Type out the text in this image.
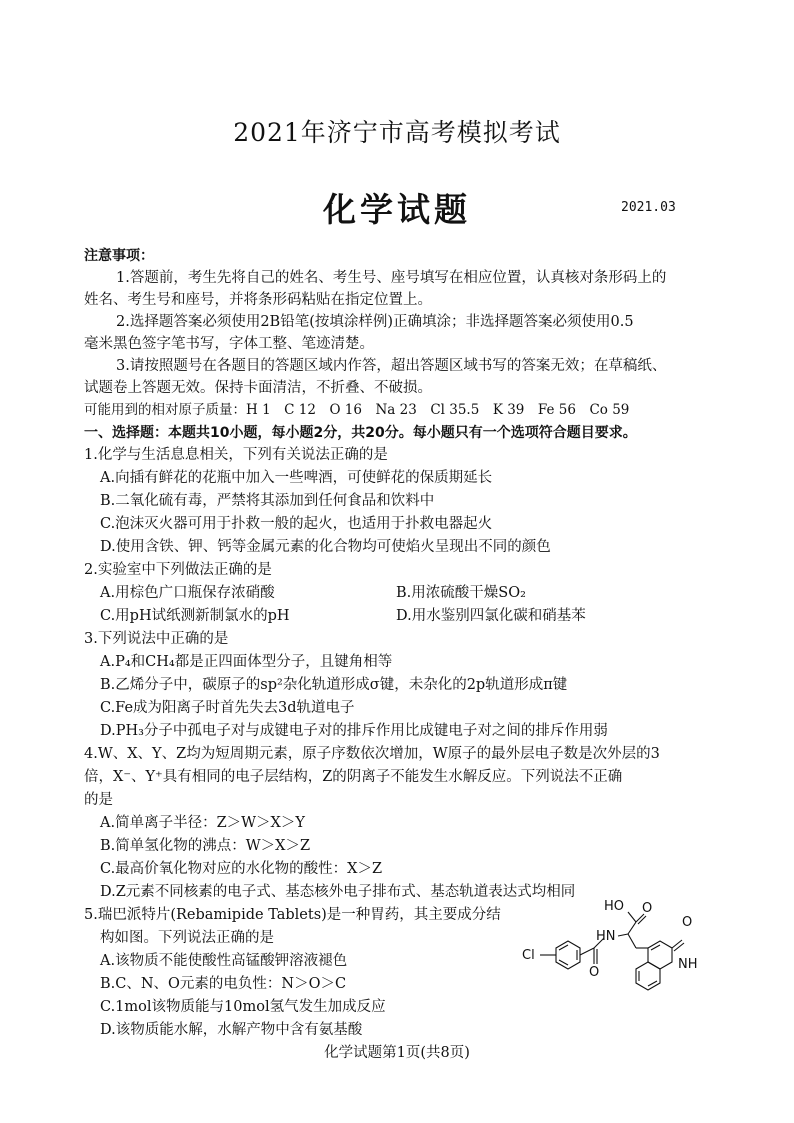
2021年济宁市高考模拟考试
化学试题	2021.03
注意事项：
1.答题前，考生先将自己的姓名、考生号、座号填写在相应位置，认真核对条形码上的
姓名、考生号和座号，并将条形码粘贴在指定位置上。
2.选择题答案必须使用2B铅笔(按填涂样例)正确填涂；非选择题答案必须使用0.5
毫米黑色签字笔书写，字体工整、笔迹清楚。
3.请按照题号在各题目的答题区域内作答，超出答题区域书写的答案无效；在草稿纸、
试题卷上答题无效。保持卡面清洁，不折叠、不破损。
可能用到的相对原子质量：H 1　C 12　O 16　Na 23　Cl 35.5　K 39　Fe 56　Co 59
一、选择题：本题共10小题，每小题2分，共20分。每小题只有一个选项符合题目要求。
1.化学与生活息息相关，下列有关说法正确的是
A.向插有鲜花的花瓶中加入一些啤酒，可使鲜花的保质期延长
B.二氧化硫有毒，严禁将其添加到任何食品和饮料中
C.泡沫灭火器可用于扑救一般的起火，也适用于扑救电器起火
D.使用含铁、钾、钙等金属元素的化合物均可使焰火呈现出不同的颜色
2.实验室中下列做法正确的是
A.用棕色广口瓶保存浓硝酸	B.用浓硫酸干燥SO₂
C.用pH试纸测新制氯水的pH	D.用水鉴别四氯化碳和硝基苯
3.下列说法中正确的是
A.P₄和CH₄都是正四面体型分子，且键角相等
B.乙烯分子中，碳原子的sp²杂化轨道形成σ键，未杂化的2p轨道形成π键
C.Fe成为阳离子时首先失去3d轨道电子
D.PH₃分子中孤电子对与成键电子对的排斥作用比成键电子对之间的排斥作用弱
4.W、X、Y、Z均为短周期元素，原子序数依次增加，W原子的最外层电子数是次外层的3
倍，X⁻、Y⁺具有相同的电子层结构，Z的阴离子不能发生水解反应。下列说法不正确
的是
A.简单离子半径：Z＞W＞X＞Y
B.简单氢化物的沸点：W＞X＞Z
C.最高价氧化物对应的水化物的酸性：X＞Z
D.Z元素不同核素的电子式、基态核外电子排布式、基态轨道表达式均相同
5.瑞巴派特片(Rebamipide Tablets)是一种胃药，其主要成分结
构如图。下列说法正确的是
A.该物质不能使酸性高锰酸钾溶液褪色
B.C、N、O元素的电负性：N＞O＞C
C.1mol该物质能与10mol氢气发生加成反应
D.该物质能水解，水解产物中含有氨基酸
Cl
O
HN
HO O
O
NH
化学试题第1页(共8页)
